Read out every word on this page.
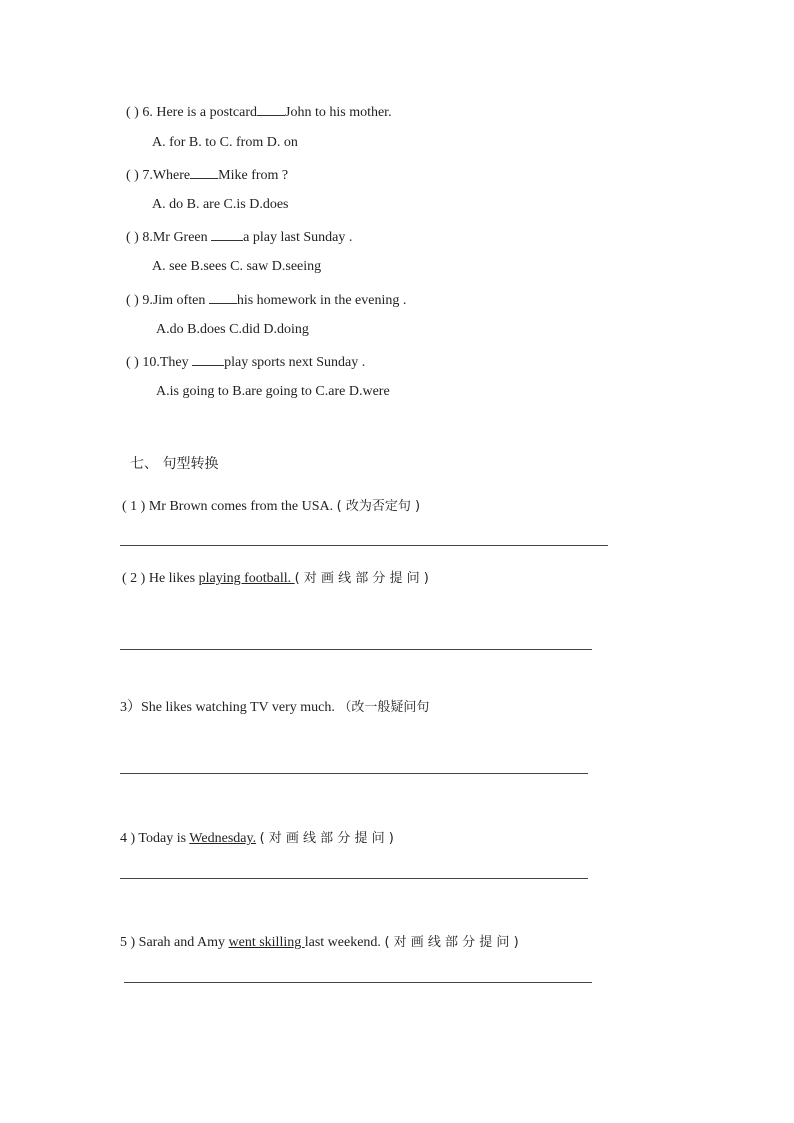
( ) 6. Here is a postcard John to his mother.
A. for B. to C. from D. on
( ) 7.Where Mike from ?
A. do B. are C.is D.does
( ) 8.Mr Green a play last Sunday .
A. see B.sees C. saw D.seeing
( ) 9.Jim often his homework in the evening .
A.do B.does C.did D.doing
( ) 10.They play sports next Sunday .
A.is going to B.are going to C.are D.were
七、 句型转换
( 1 ) Mr Brown comes from the USA. ( 改为否定句 )
( 2 ) He likes playing football. ( 对 画 线 部 分 提 问 )
3）She likes watching TV very much. （改一般疑问句
4 ) Today is Wednesday. ( 对 画 线 部 分 提 问 )
5 ) Sarah and Amy went skilling last weekend. ( 对 画 线 部 分 提 问 )
